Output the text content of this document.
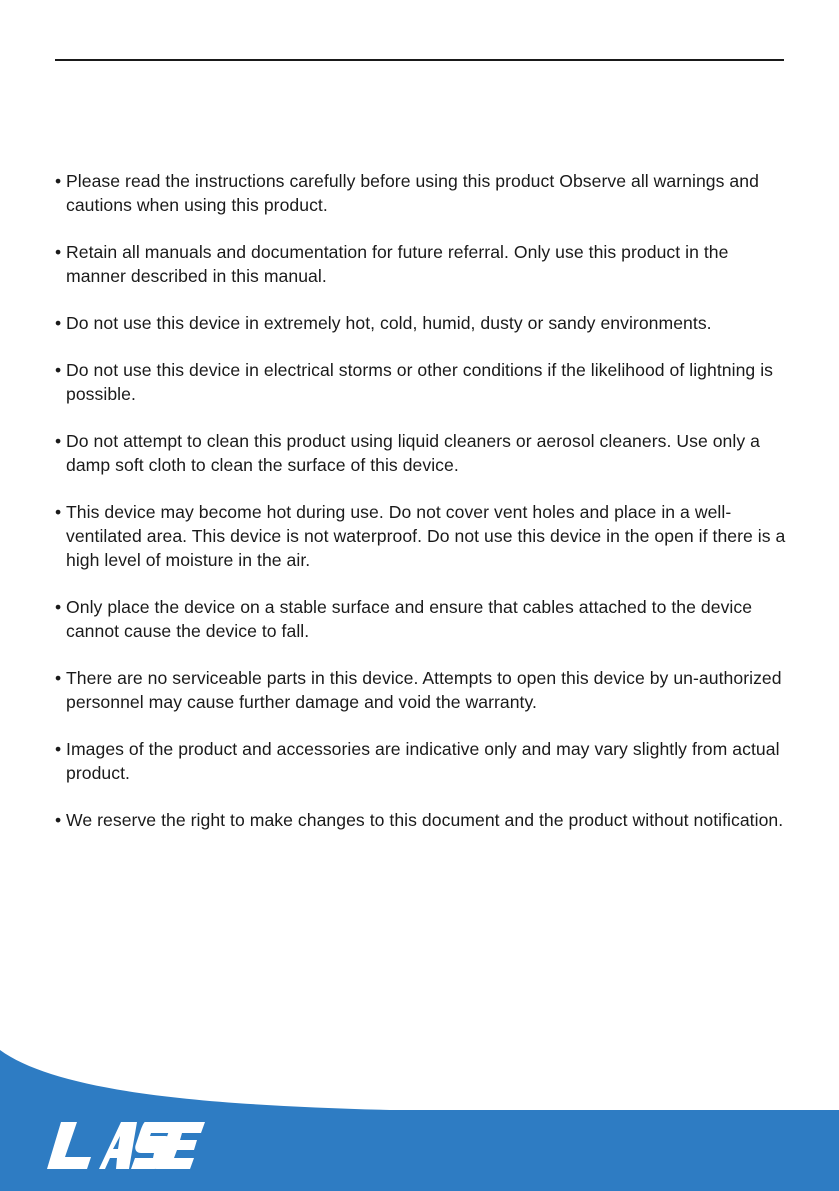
• Please read the instructions carefully before using this product Observe all warnings and cautions when using this product.
• Retain all manuals and documentation for future referral. Only use this product in the manner described in this manual.
• Do not use this device in extremely hot, cold, humid, dusty or sandy environments.
• Do not use this device in electrical storms or other conditions if the likelihood of lightning is possible.
• Do not attempt to clean this product using liquid cleaners or aerosol cleaners. Use only a damp soft cloth to clean the surface of this device.
• This device may become hot during use. Do not cover vent holes and place in a well-ventilated area. This device is not waterproof. Do not use this device in the open if there is a high level of moisture in the air.
• Only place the device on a stable surface and ensure that cables attached to the device cannot cause the device to fall.
• There are no serviceable parts in this device. Attempts to open this device by un-authorized personnel may cause further damage and void the warranty.
• Images of the product and accessories are indicative only and may vary slightly from actual product.
• We reserve the right to make changes to this document and the product without notification.
